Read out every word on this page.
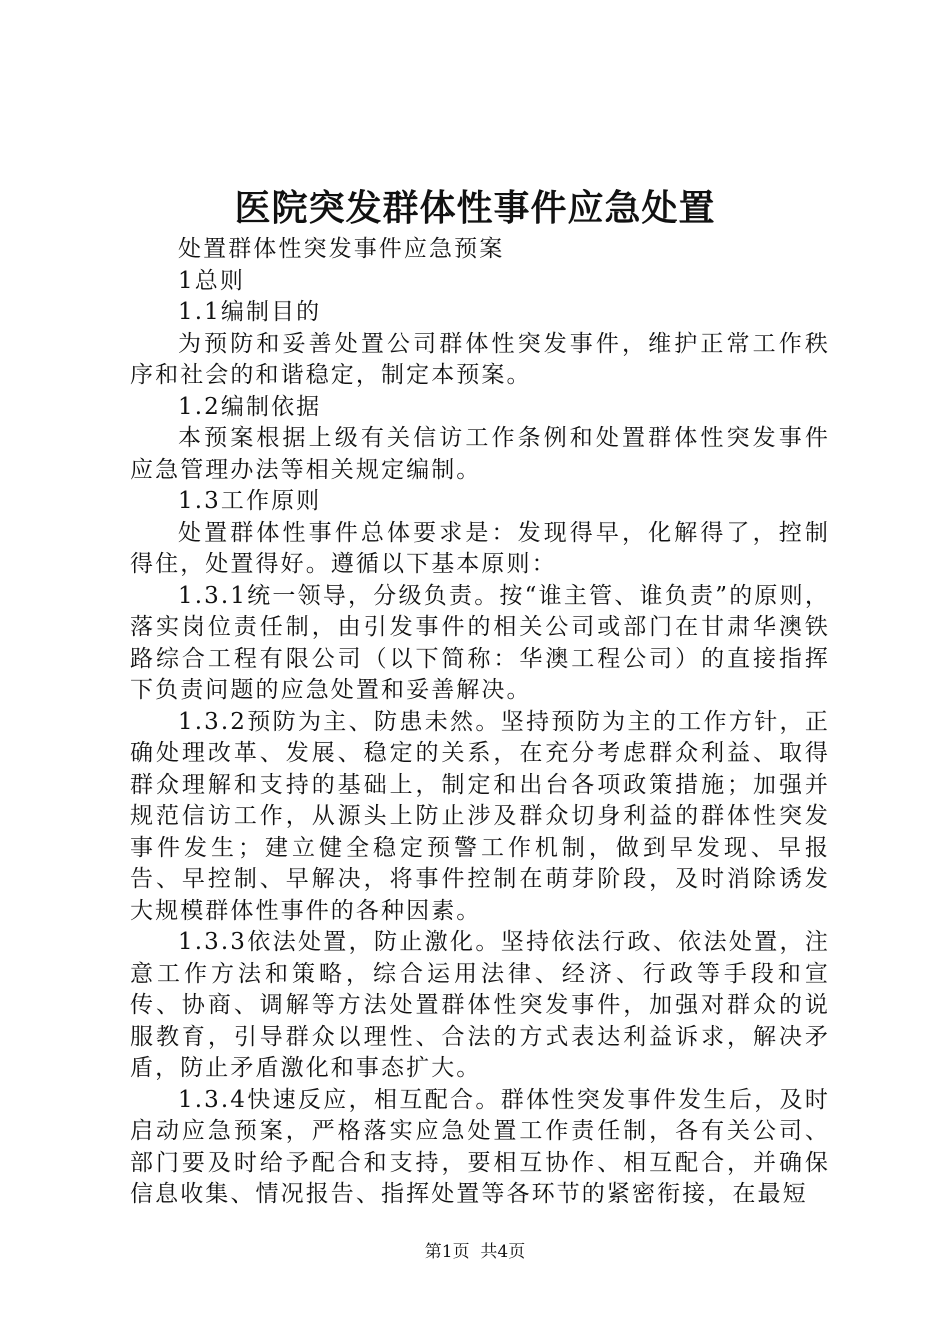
医院突发群体性事件应急处置

处置群体性突发事件应急预案

1总则

1.1编制目的

为预防和妥善处置公司群体性突发事件，维护正常工作秩序和社会的和谐稳定，制定本预案。

1.2编制依据

本预案根据上级有关信访工作条例和处置群体性突发事件应急管理办法等相关规定编制。

1.3工作原则

处置群体性事件总体要求是：发现得早，化解得了，控制得住，处置得好。遵循以下基本原则：

1.3.1统一领导，分级负责。按“谁主管、谁负责”的原则，落实岗位责任制，由引发事件的相关公司或部门在甘肃华澳铁路综合工程有限公司（以下简称：华澳工程公司）的直接指挥下负责问题的应急处置和妥善解决。

1.3.2预防为主、防患未然。坚持预防为主的工作方针，正确处理改革、发展、稳定的关系，在充分考虑群众利益、取得群众理解和支持的基础上，制定和出台各项政策措施；加强并规范信访工作，从源头上防止涉及群众切身利益的群体性突发事件发生；建立健全稳定预警工作机制，做到早发现、早报告、早控制、早解决，将事件控制在萌芽阶段，及时消除诱发大规模群体性事件的各种因素。

1.3.3依法处置，防止激化。坚持依法行政、依法处置，注意工作方法和策略，综合运用法律、经济、行政等手段和宣传、协商、调解等方法处置群体性突发事件，加强对群众的说服教育，引导群众以理性、合法的方式表达利益诉求，解决矛盾，防止矛盾激化和事态扩大。

1.3.4快速反应，相互配合。群体性突发事件发生后，及时启动应急预案，严格落实应急处置工作责任制，各有关公司、部门要及时给予配合和支持，要相互协作、相互配合，并确保信息收集、情况报告、指挥处置等各环节的紧密衔接，在最短

第1页  共4页
